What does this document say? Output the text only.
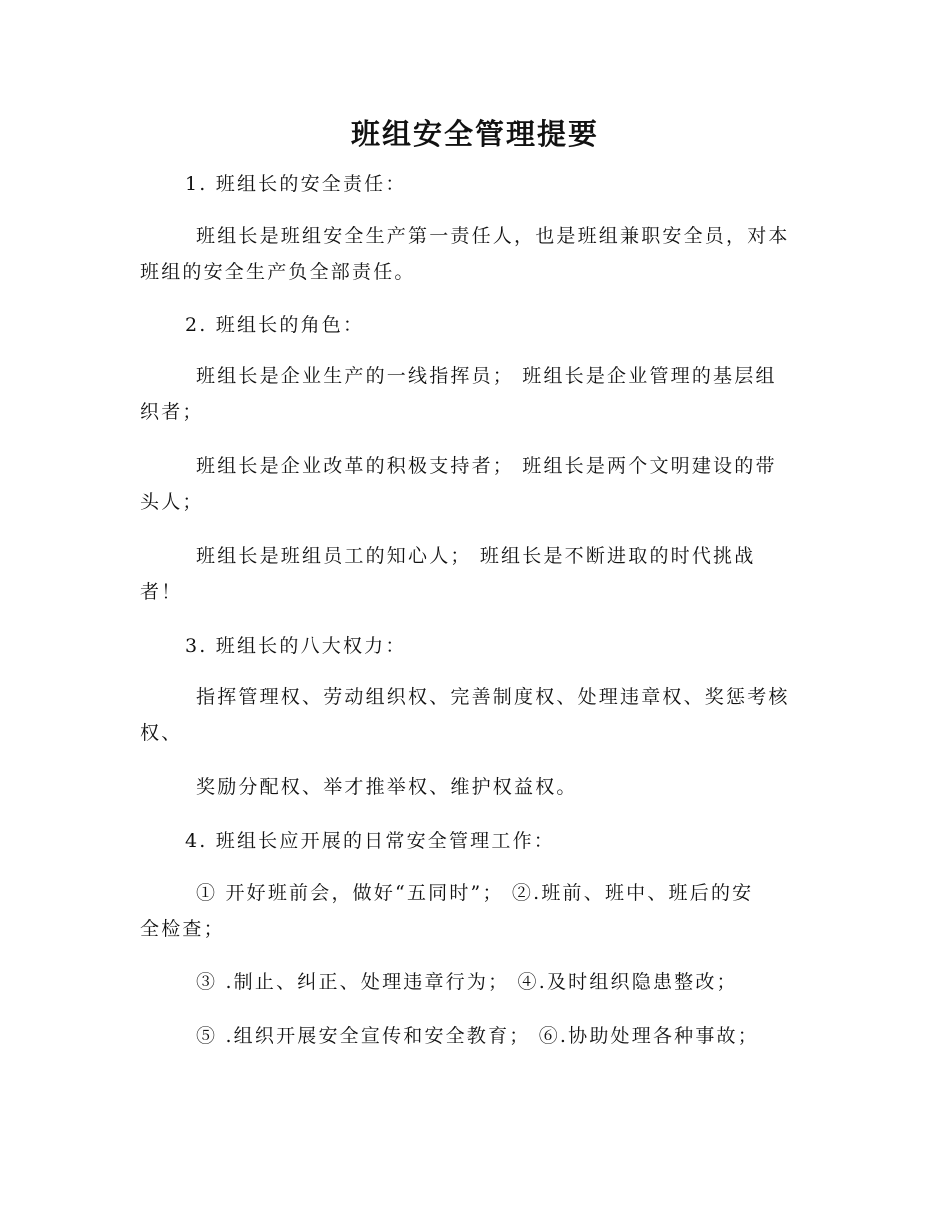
班组安全管理提要
1. 班组长的安全责任：
班组长是班组安全生产第一责任人，也是班组兼职安全员，对本
班组的安全生产负全部责任。
2. 班组长的角色：
班组长是企业生产的一线指挥员； 班组长是企业管理的基层组
织者；
班组长是企业改革的积极支持者； 班组长是两个文明建设的带
头人；
班组长是班组员工的知心人； 班组长是不断进取的时代挑战
者！
3. 班组长的八大权力：
指挥管理权、劳动组织权、完善制度权、处理违章权、奖惩考核
权、
奖励分配权、举才推举权、维护权益权。
4. 班组长应开展的日常安全管理工作：
① 开好班前会，做好“五同时”； ②.班前、班中、班后的安
全检查；
③ .制止、纠正、处理违章行为； ④.及时组织隐患整改；
⑤ .组织开展安全宣传和安全教育； ⑥.协助处理各种事故；
